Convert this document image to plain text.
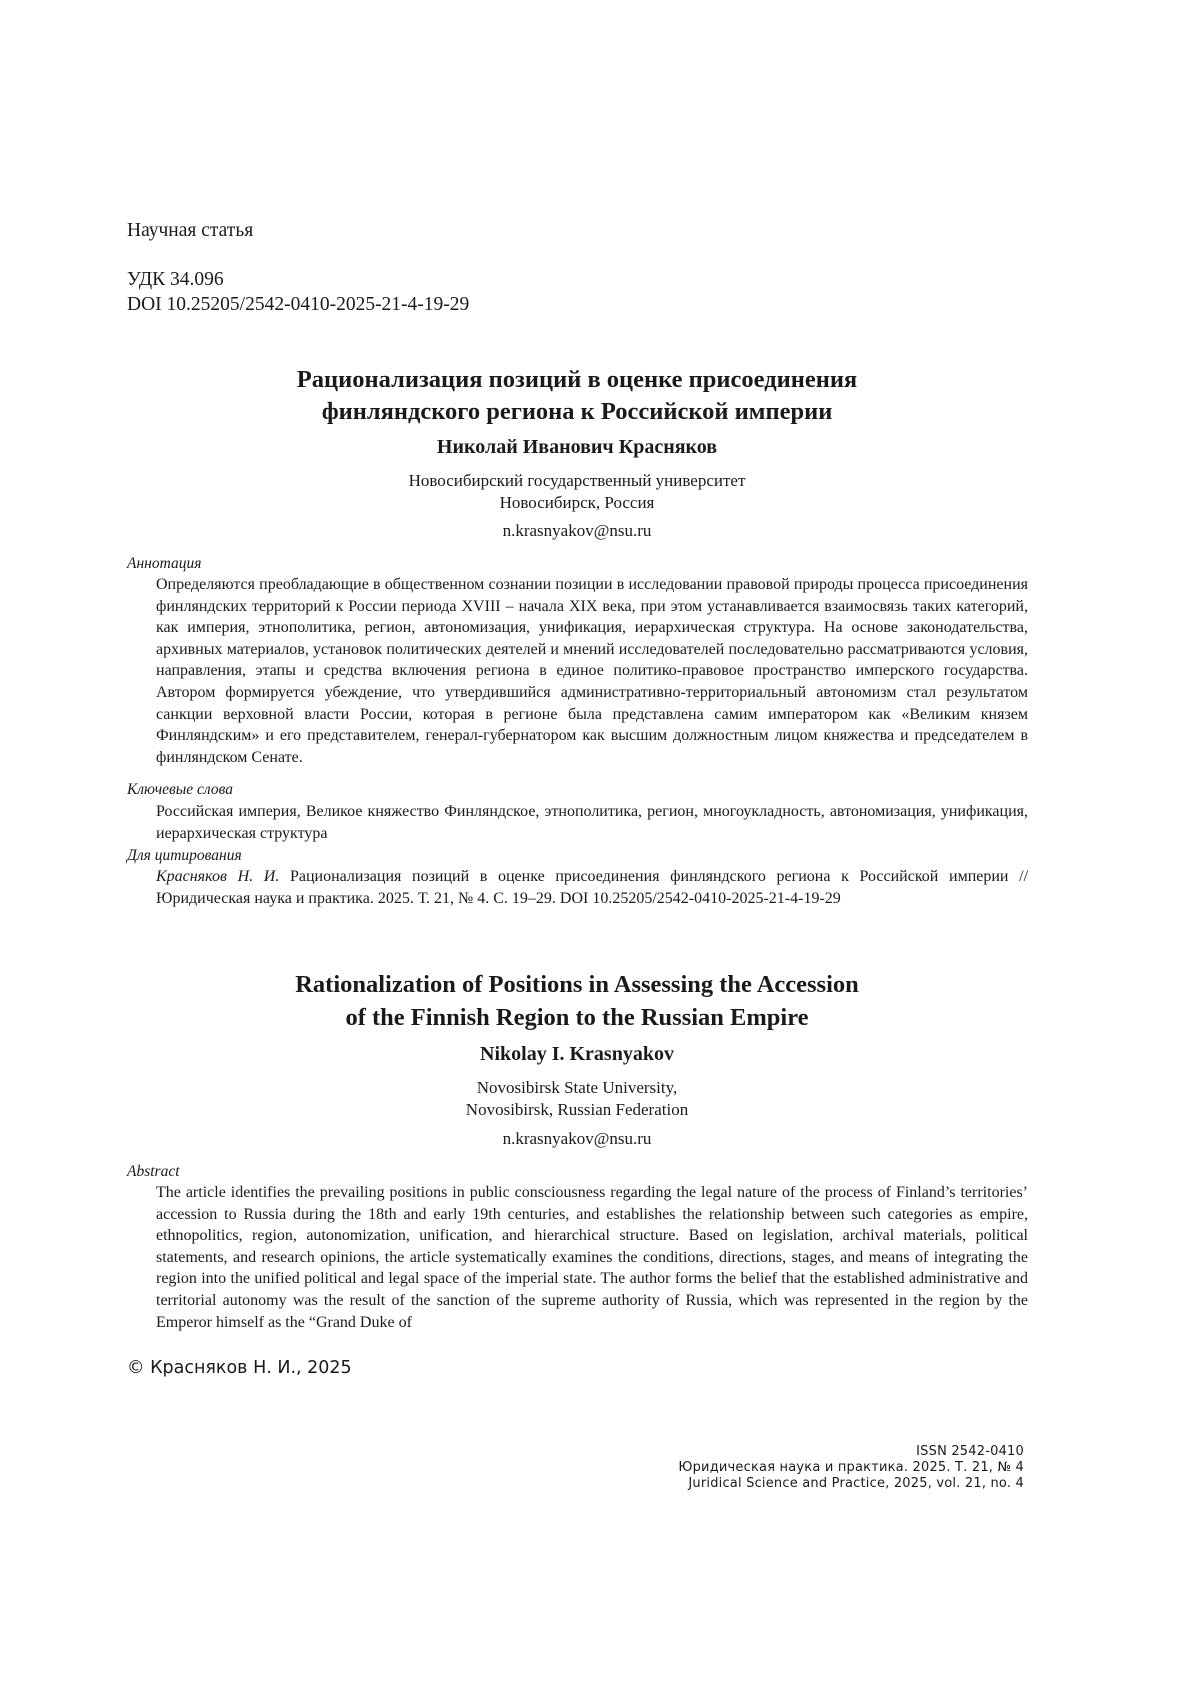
Научная статья
УДК 34.096
DOI 10.25205/2542-0410-2025-21-4-19-29
Рационализация позиций в оценке присоединения
финляндского региона к Российской империи
Николай Иванович Красняков
Новосибирский государственный университет
Новосибирск, Россия
n.krasnyakov@nsu.ru
Аннотация
Определяются преобладающие в общественном сознании позиции в исследовании правовой природы процесса присоединения финляндских территорий к России периода XVIII – начала XIX века, при этом устанавливается взаимосвязь таких категорий, как империя, этнополитика, регион, автономизация, унификация, иерархическая структура. На основе законодательства, архивных материалов, установок политических деятелей и мнений исследователей последовательно рассматриваются условия, направления, этапы и средства включения региона в единое политико-правовое пространство имперского государства. Автором формируется убеждение, что утвердившийся административно-территориальный автономизм стал результатом санкции верховной власти России, которая в регионе была представлена самим императором как «Великим князем Финляндским» и его представителем, генерал-губернатором как высшим должностным лицом княжества и председателем в финляндском Сенате.
Ключевые слова
Российская империя, Великое княжество Финляндское, этнополитика, регион, многоукладность, автономизация, унификация, иерархическая структура
Для цитирования
Красняков Н. И. Рационализация позиций в оценке присоединения финляндского региона к Российской империи // Юридическая наука и практика. 2025. Т. 21, № 4. С. 19–29. DOI 10.25205/2542-0410-2025-21-4-19-29
Rationalization of Positions in Assessing the Accession
of the Finnish Region to the Russian Empire
Nikolay I. Krasnyakov
Novosibirsk State University,
Novosibirsk, Russian Federation
n.krasnyakov@nsu.ru
Abstract
The article identifies the prevailing positions in public consciousness regarding the legal nature of the process of Finland’s territories’ accession to Russia during the 18th and early 19th centuries, and establishes the relationship between such categories as empire, ethnopolitics, region, autonomization, unification, and hierarchical structure. Based on legislation, archival materials, political statements, and research opinions, the article systematically examines the conditions, directions, stages, and means of integrating the region into the unified political and legal space of the imperial state. The author forms the belief that the established administrative and territorial autonomy was the result of the sanction of the supreme authority of Russia, which was represented in the region by the Emperor himself as the “Grand Duke of
© Красняков Н. И., 2025
ISSN 2542-0410
Юридическая наука и практика. 2025. Т. 21, № 4
Juridical Science and Practice, 2025, vol. 21, no. 4
